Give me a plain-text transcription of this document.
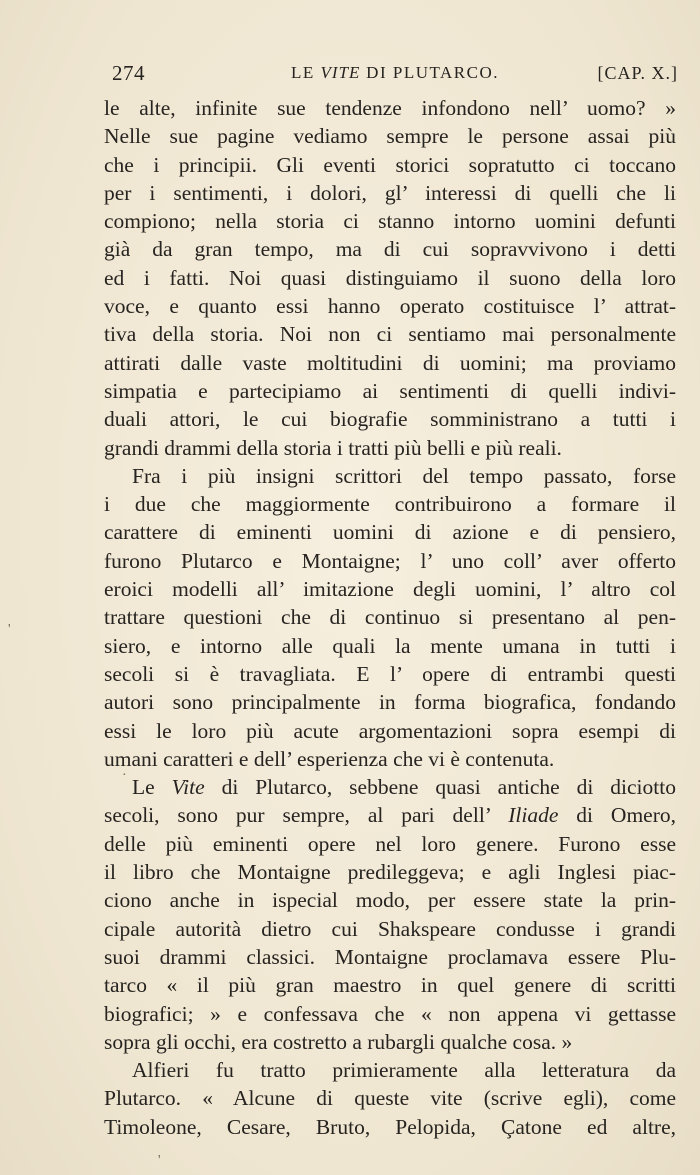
274	LE VITE DI PLUTARCO.	[CAP. X.]
le alte, infinite sue tendenze infondono nell’ uomo? »
Nelle sue pagine vediamo sempre le persone assai più
che i principii. Gli eventi storici sopratutto ci toccano
per i sentimenti, i dolori, gl’ interessi di quelli che li
compiono; nella storia ci stanno intorno uomini defunti
già da gran tempo, ma di cui sopravvivono i detti
ed i fatti. Noi quasi distinguiamo il suono della loro
voce, e quanto essi hanno operato costituisce l’ attrat-
tiva della storia. Noi non ci sentiamo mai personalmente
attirati dalle vaste moltitudini di uomini; ma proviamo
simpatia e partecipiamo ai sentimenti di quelli indivi-
duali attori, le cui biografie somministrano a tutti i
grandi drammi della storia i tratti più belli e più reali.
Fra i più insigni scrittori del tempo passato, forse
i due che maggiormente contribuirono a formare il
carattere di eminenti uomini di azione e di pensiero,
furono Plutarco e Montaigne; l’ uno coll’ aver offerto
eroici modelli all’ imitazione degli uomini, l’ altro col
trattare questioni che di continuo si presentano al pen-
siero, e intorno alle quali la mente umana in tutti i
secoli si è travagliata. E l’ opere di entrambi questi
autori sono principalmente in forma biografica, fondando
essi le loro più acute argomentazioni sopra esempi di
umani caratteri e dell’ esperienza che vi è contenuta.
Le Vite di Plutarco, sebbene quasi antiche di diciotto
secoli, sono pur sempre, al pari dell’ Iliade di Omero,
delle più eminenti opere nel loro genere. Furono esse
il libro che Montaigne predileggeva; e agli Inglesi piac-
ciono anche in ispecial modo, per essere state la prin-
cipale autorità dietro cui Shakspeare condusse i grandi
suoi drammi classici. Montaigne proclamava essere Plu-
tarco « il più gran maestro in quel genere di scritti
biografici; » e confessava che « non appena vi gettasse
sopra gli occhi, era costretto a rubargli qualche cosa. »
Alfieri fu tratto primieramente alla letteratura da
Plutarco. « Alcune di queste vite (scrive egli), come
Timoleone, Cesare, Bruto, Pelopida, Çatone ed altre,
'
·
'
